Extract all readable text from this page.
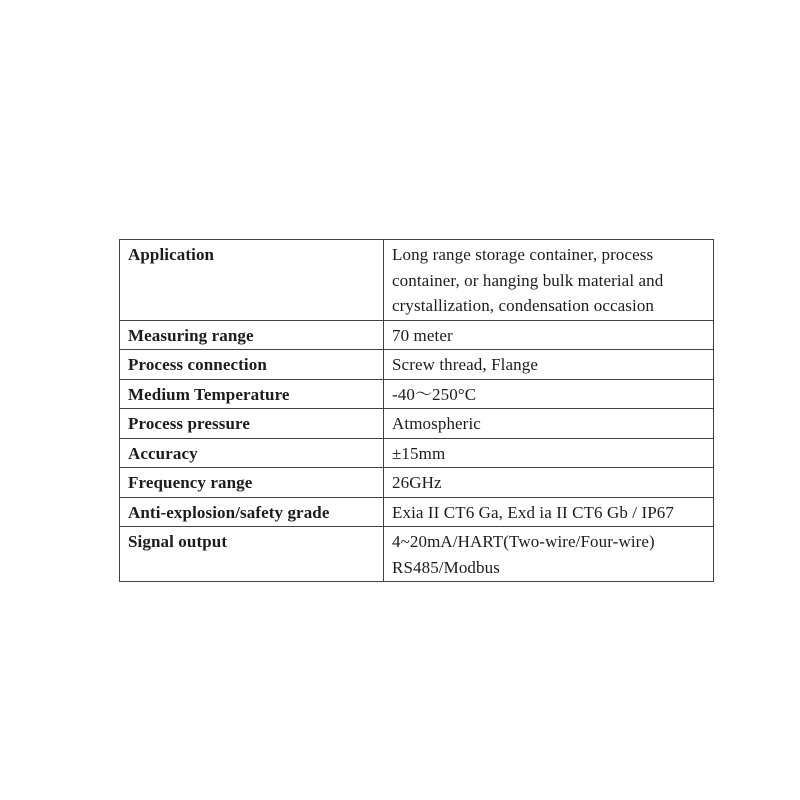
Application	Long range storage container, process
container, or hanging bulk material and
crystallization, condensation occasion

Measuring range	70 meter

Process connection	Screw thread, Flange

Medium Temperature	-40～250°C

Process pressure	Atmospheric

Accuracy	±15mm

Frequency range	26GHz

Anti-explosion/safety grade	Exia II CT6 Ga, Exd ia II CT6 Gb / IP67

Signal output	4~20mA/HART(Two-wire/Four-wire)
RS485/Modbus
